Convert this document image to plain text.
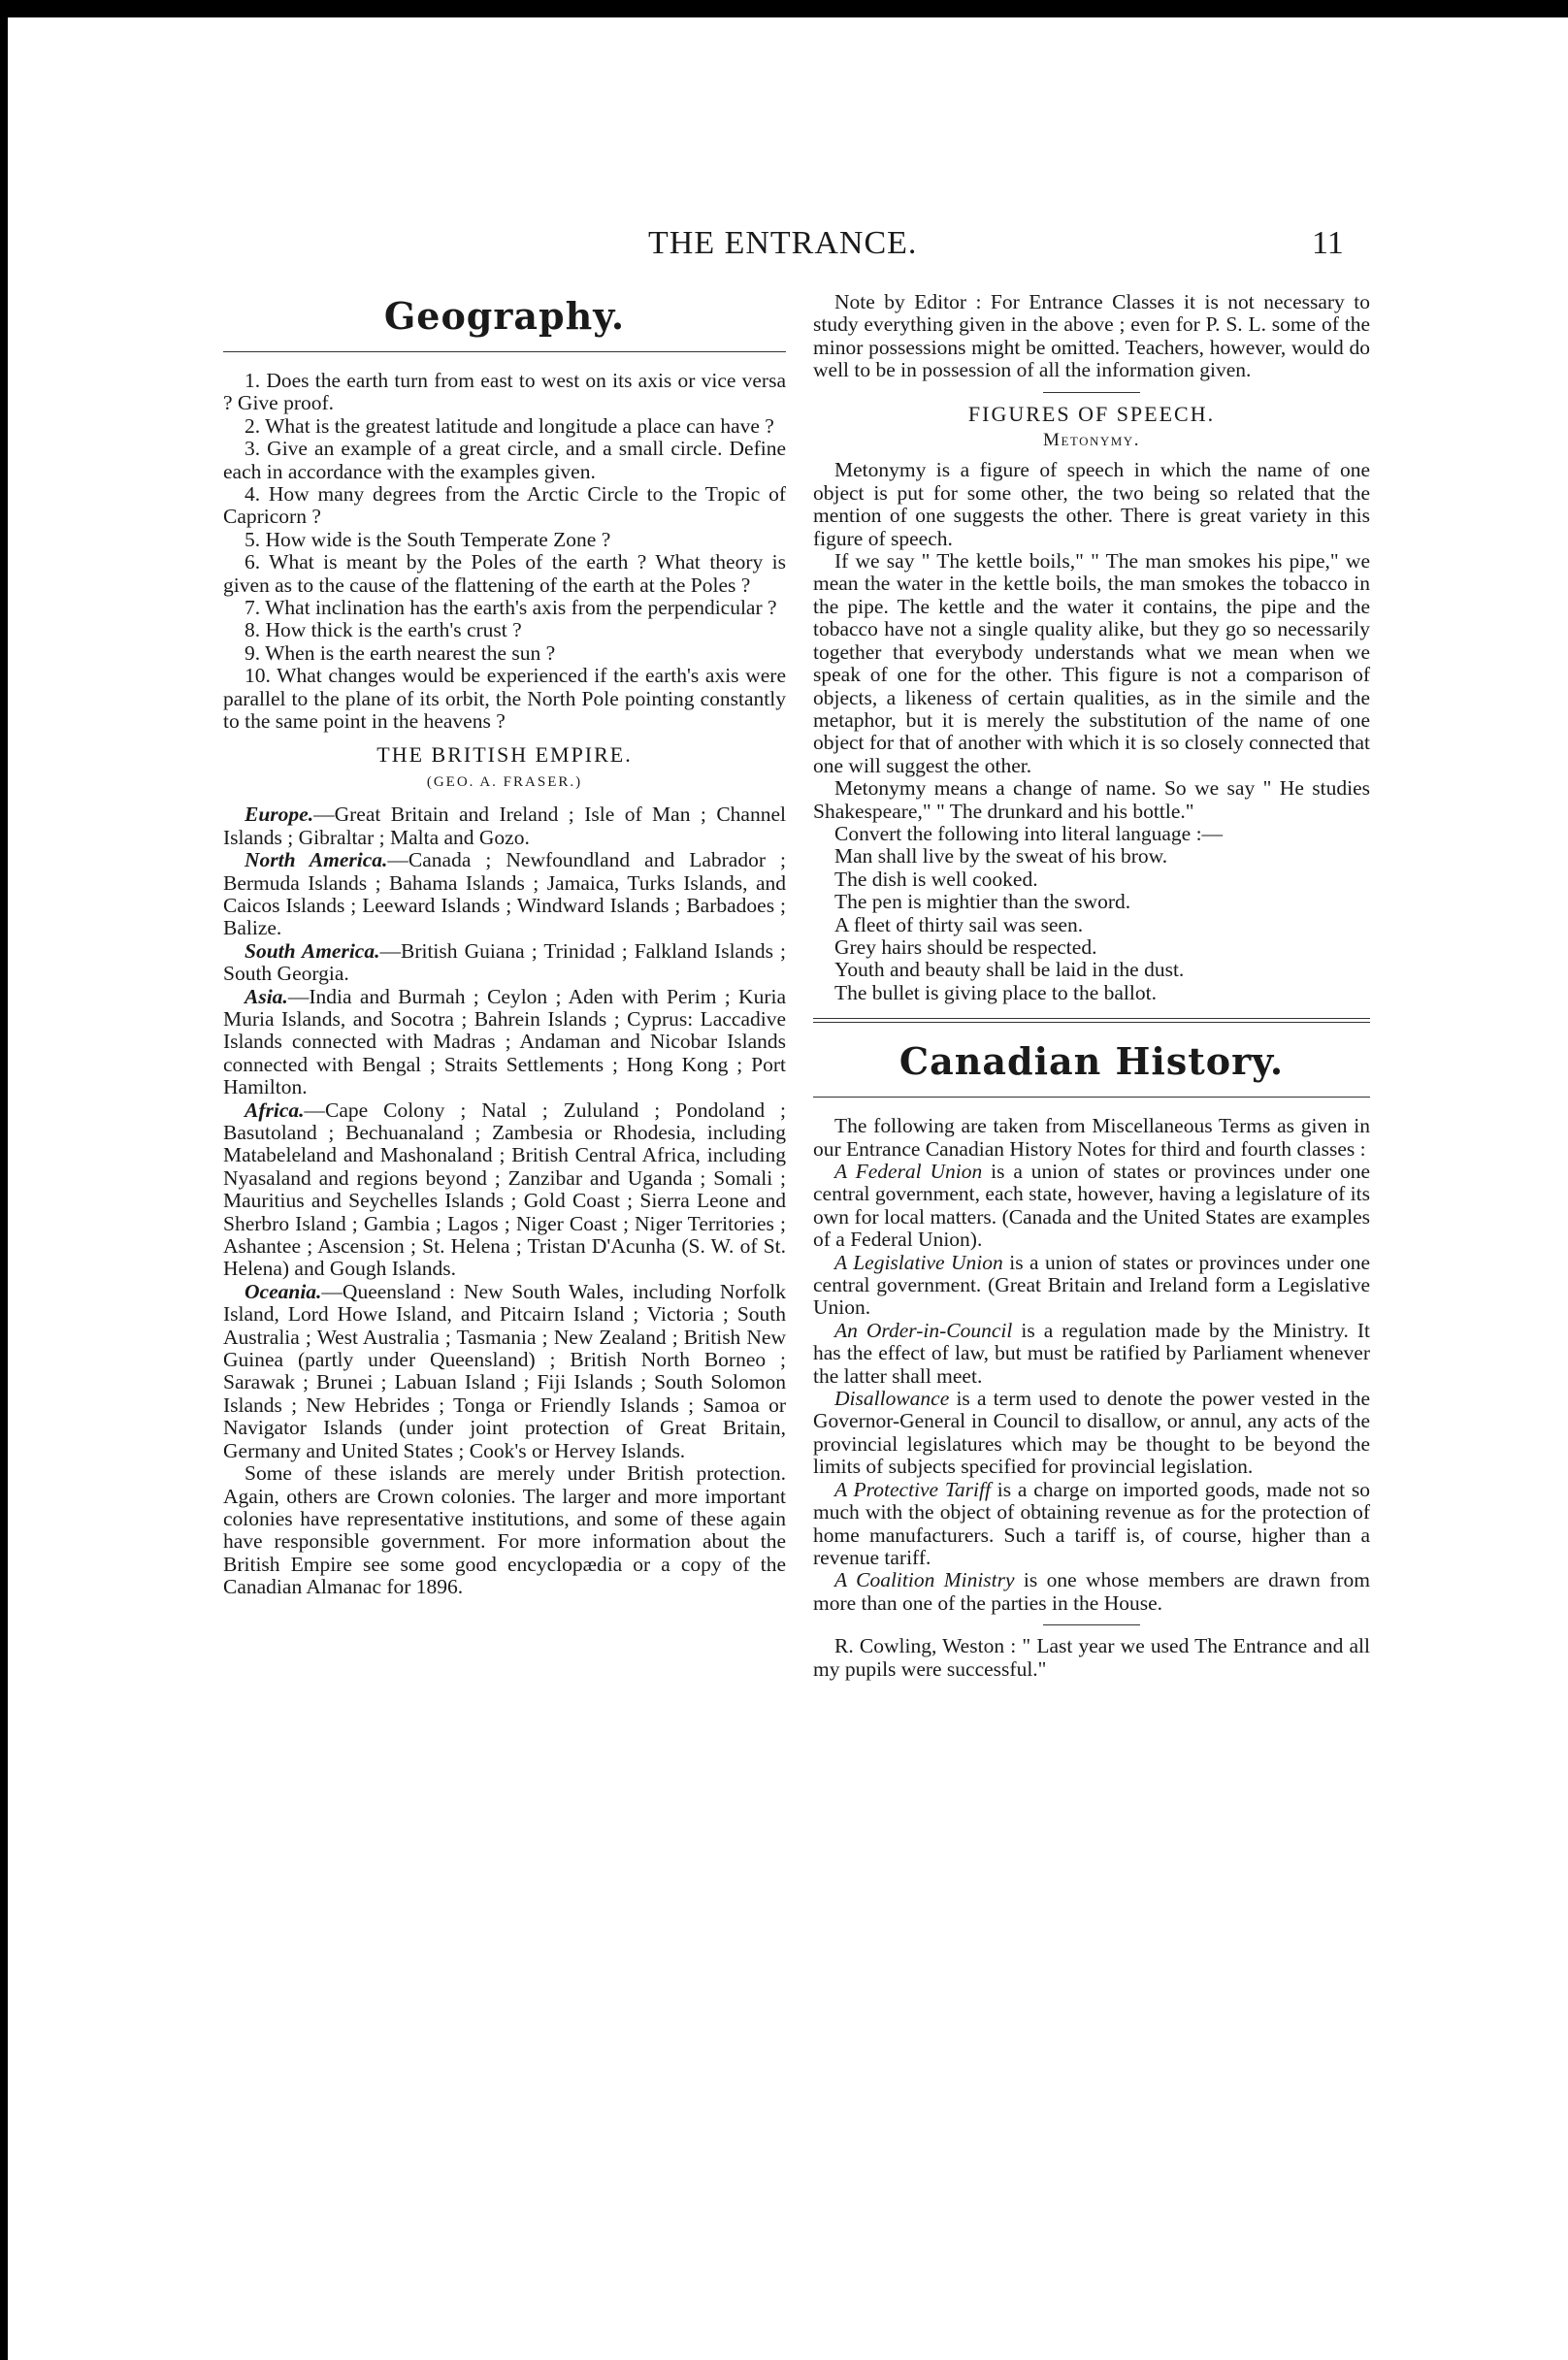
THE ENTRANCE.	11
Geography.

1. Does the earth turn from east to west on its axis or vice versa ? Give proof.

2. What is the greatest latitude and longitude a place can have ?

3. Give an example of a great circle, and a small circle. Define each in accordance with the examples given.

4. How many degrees from the Arctic Circle to the Tropic of Capricorn ?

5. How wide is the South Temperate Zone ?

6. What is meant by the Poles of the earth ? What theory is given as to the cause of the flattening of the earth at the Poles ?

7. What inclination has the earth's axis from the perpendicular ?

8. How thick is the earth's crust ?

9. When is the earth nearest the sun ?

10. What changes would be experienced if the earth's axis were parallel to the plane of its orbit, the North Pole pointing constantly to the same point in the heavens ?

THE BRITISH EMPIRE.
(GEO. A. FRASER.)

Europe.—Great Britain and Ireland ; Isle of Man ; Channel Islands ; Gibraltar ; Malta and Gozo.

North America.—Canada ; Newfoundland and Labrador ; Bermuda Islands ; Bahama Islands ; Jamaica, Turks Islands, and Caicos Islands ; Leeward Islands ; Windward Islands ; Barbadoes ; Balize.

South America.—British Guiana ; Trinidad ; Falkland Islands ; South Georgia.

Asia.—India and Burmah ; Ceylon ; Aden with Perim ; Kuria Muria Islands, and Socotra ; Bahrein Islands ; Cyprus: Laccadive Islands connected with Madras ; Andaman and Nicobar Islands connected with Bengal ; Straits Settlements ; Hong Kong ; Port Hamilton.

Africa.—Cape Colony ; Natal ; Zululand ; Pondoland ; Basutoland ; Bechuanaland ; Zambesia or Rhodesia, including Matabeleland and Mashonaland ; British Central Africa, including Nyasaland and regions beyond ; Zanzibar and Uganda ; Somali ; Mauritius and Seychelles Islands ; Gold Coast ; Sierra Leone and Sherbro Island ; Gambia ; Lagos ; Niger Coast ; Niger Territories ; Ashantee ; Ascension ; St. Helena ; Tristan D'Acunha (S. W. of St. Helena) and Gough Islands.

Oceania.—Queensland : New South Wales, including Norfolk Island, Lord Howe Island, and Pitcairn Island ; Victoria ; South Australia ; West Australia ; Tasmania ; New Zealand ; British New Guinea (partly under Queensland) ; British North Borneo ; Sarawak ; Brunei ; Labuan Island ; Fiji Islands ; South Solomon Islands ; New Hebrides ; Tonga or Friendly Islands ; Samoa or Navigator Islands (under joint protection of Great Britain, Germany and United States ; Cook's or Hervey Islands.

Some of these islands are merely under British protection. Again, others are Crown colonies. The larger and more important colonies have representative institutions, and some of these again have responsible government. For more information about the British Empire see some good encyclopædia or a copy of the Canadian Almanac for 1896.

Note by Editor : For Entrance Classes it is not necessary to study everything given in the above ; even for P. S. L. some of the minor possessions might be omitted. Teachers, however, would do well to be in possession of all the information given.

FIGURES OF SPEECH.
Metonymy.

Metonymy is a figure of speech in which the name of one object is put for some other, the two being so related that the mention of one suggests the other. There is great variety in this figure of speech.

If we say " The kettle boils," " The man smokes his pipe," we mean the water in the kettle boils, the man smokes the tobacco in the pipe. The kettle and the water it contains, the pipe and the tobacco have not a single quality alike, but they go so necessarily together that everybody understands what we mean when we speak of one for the other. This figure is not a comparison of objects, a likeness of certain qualities, as in the simile and the metaphor, but it is merely the substitution of the name of one object for that of another with which it is so closely connected that one will suggest the other.

Metonymy means a change of name. So we say " He studies Shakespeare," " The drunkard and his bottle."

Convert the following into literal language :—

Man shall live by the sweat of his brow.
The dish is well cooked.
The pen is mightier than the sword.
A fleet of thirty sail was seen.
Grey hairs should be respected.
Youth and beauty shall be laid in the dust.
The bullet is giving place to the ballot.
Canadian History.

The following are taken from Miscellaneous Terms as given in our Entrance Canadian History Notes for third and fourth classes :

A Federal Union is a union of states or provinces under one central government, each state, however, having a legislature of its own for local matters. (Canada and the United States are examples of a Federal Union).

A Legislative Union is a union of states or provinces under one central government. (Great Britain and Ireland form a Legislative Union.

An Order-in-Council is a regulation made by the Ministry. It has the effect of law, but must be ratified by Parliament whenever the latter shall meet.

Disallowance is a term used to denote the power vested in the Governor-General in Council to disallow, or annul, any acts of the provincial legislatures which may be thought to be beyond the limits of subjects specified for provincial legislation.

A Protective Tariff is a charge on imported goods, made not so much with the object of obtaining revenue as for the protection of home manufacturers. Such a tariff is, of course, higher than a revenue tariff.

A Coalition Ministry is one whose members are drawn from more than one of the parties in the House.

R. Cowling, Weston : " Last year we used The Entrance and all my pupils were successful."
